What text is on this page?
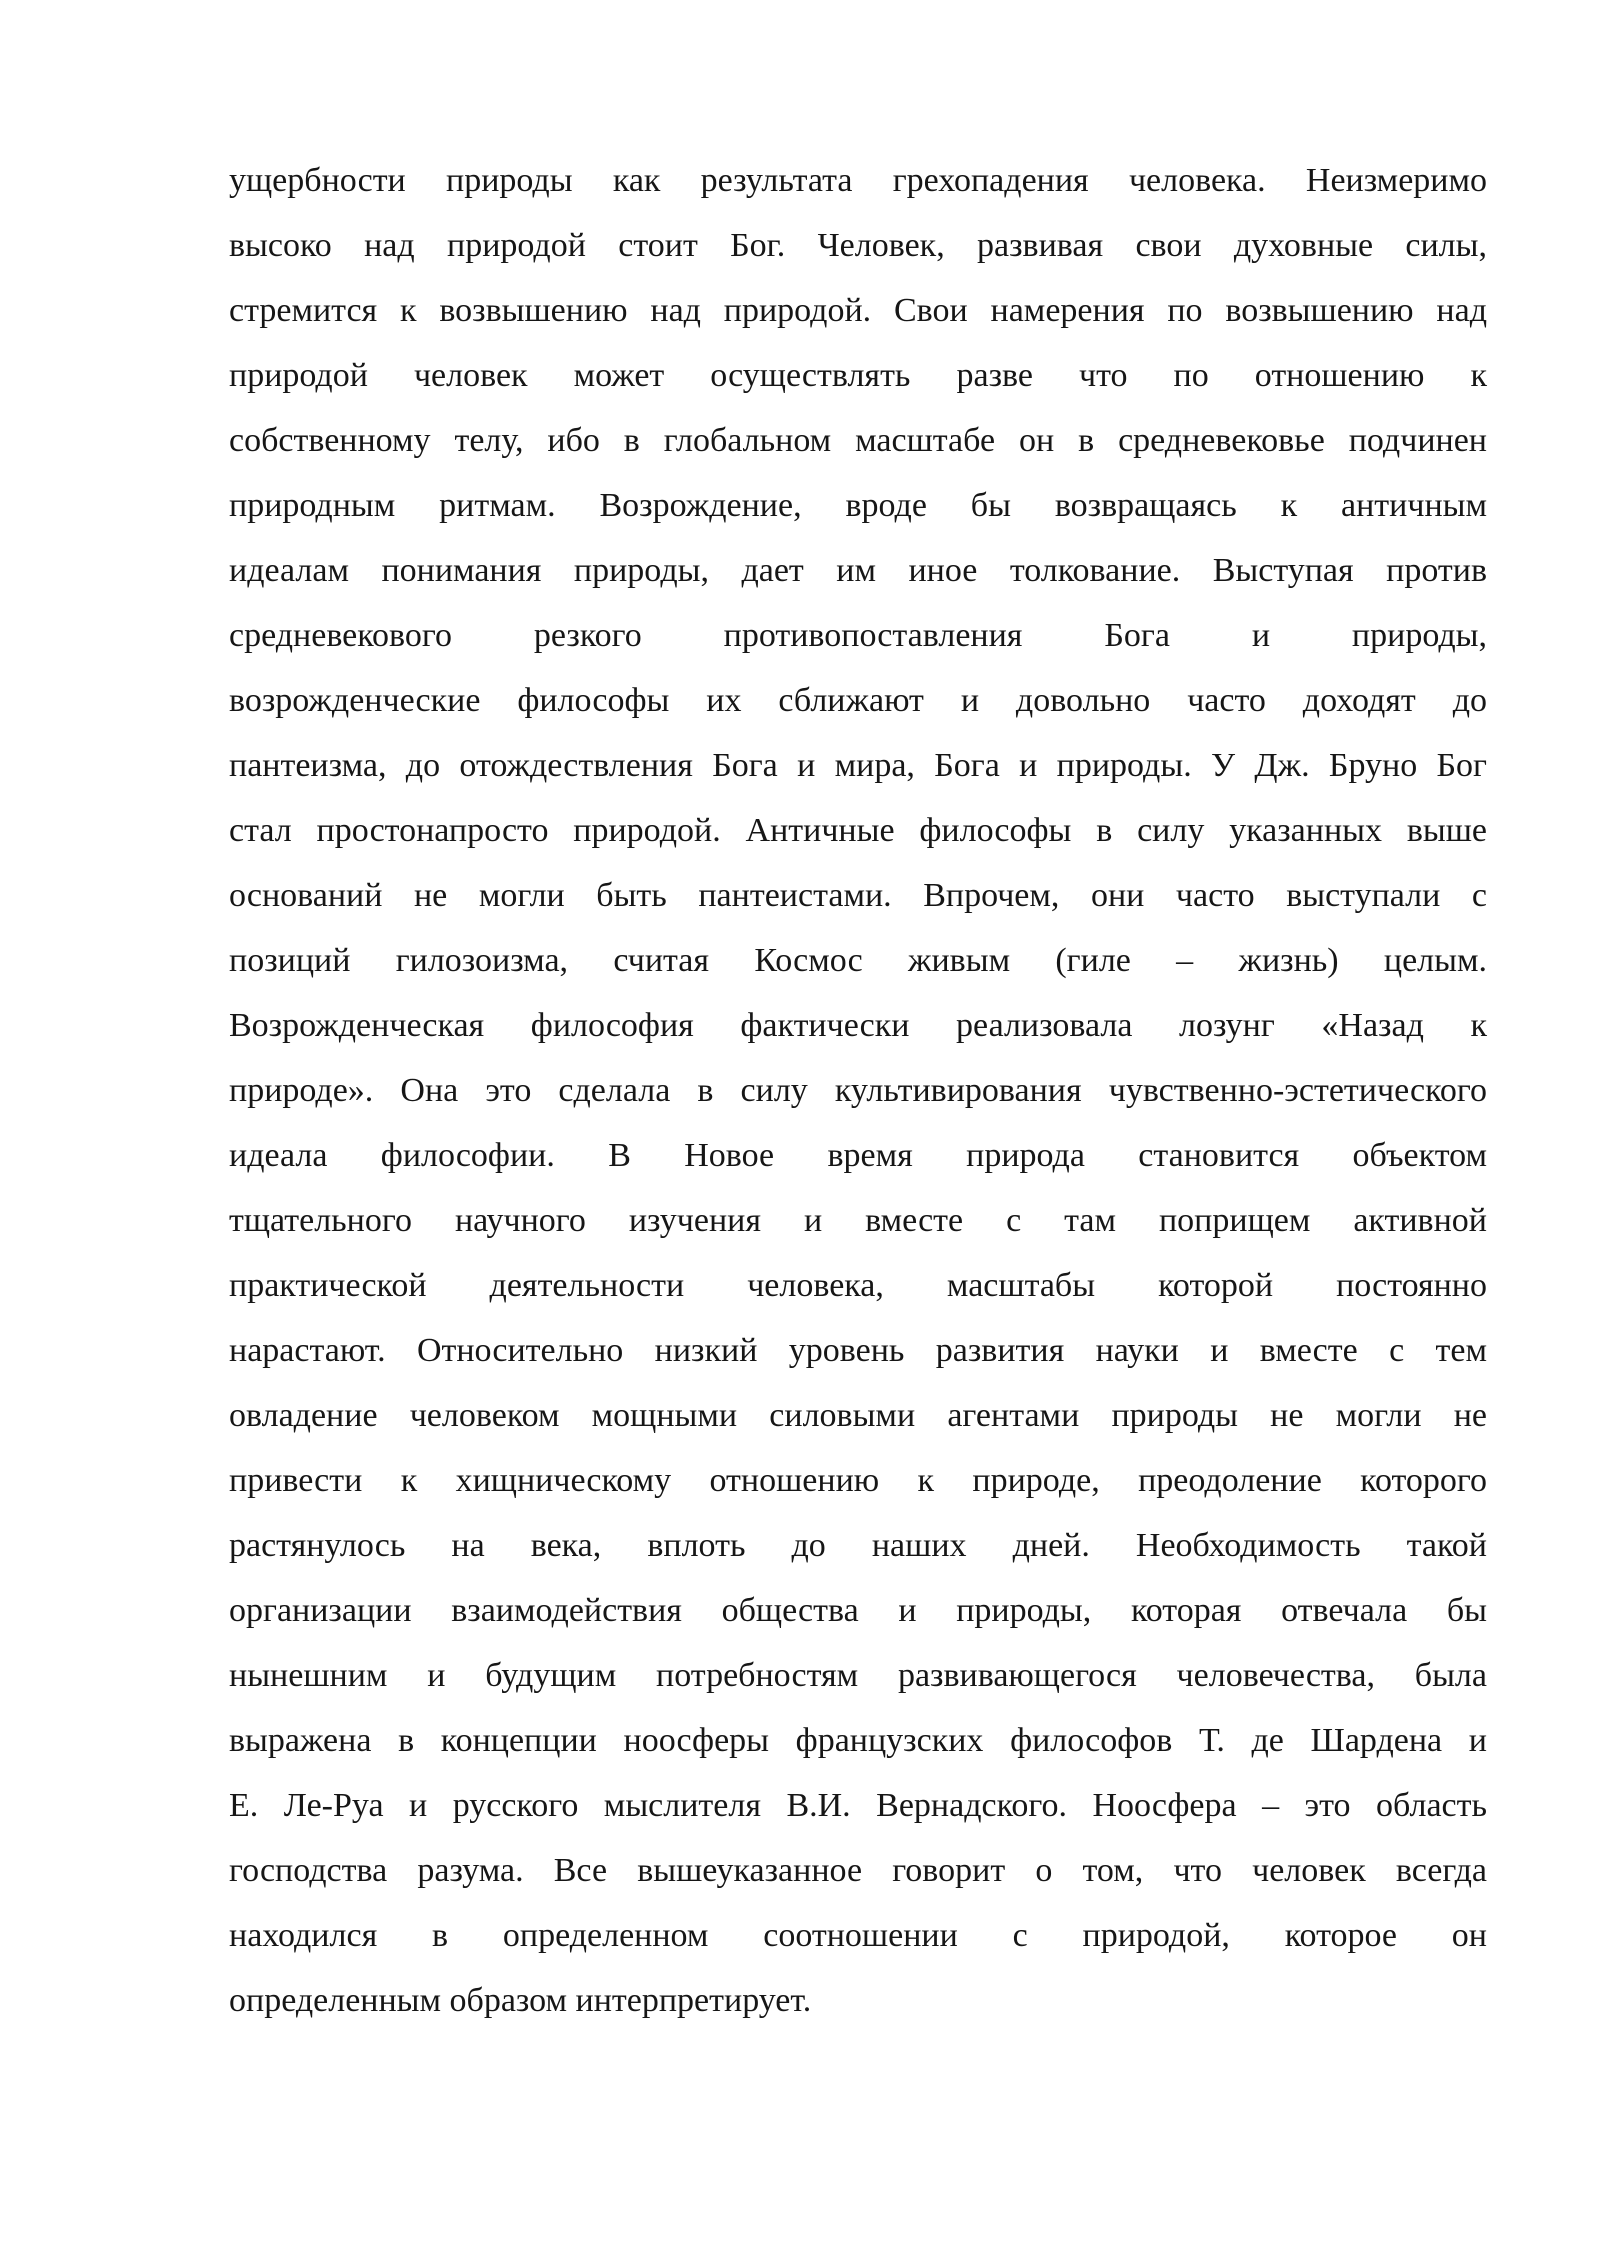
ущербности природы как результата грехопадения человека. Неизмеримо
высоко над природой стоит Бог. Человек, развивая свои духовные силы,
стремится к возвышению над природой. Свои намерения по возвышению над
природой человек может осуществлять разве что по отношению к
собственному телу, ибо в глобальном масштабе он в средневековье подчинен
природным ритмам. Возрождение, вроде бы возвращаясь к античным
идеалам понимания природы, дает им иное толкование. Выступая против
средневекового резкого противопоставления Бога и природы,
возрожденческие философы их сближают и довольно часто доходят до
пантеизма, до отождествления Бога и мира, Бога и природы. У Дж. Бруно Бог
стал простонапросто природой. Античные философы в силу указанных выше
оснований не могли быть пантеистами. Впрочем, они часто выступали с
позиций гилозоизма, считая Космос живым (гиле – жизнь) целым.
Возрожденческая философия фактически реализовала лозунг «Назад к
природе». Она это сделала в силу культивирования чувственно-эстетического
идеала философии. В Новое время природа становится объектом
тщательного научного изучения и вместе с там поприщем активной
практической деятельности человека, масштабы которой постоянно
нарастают. Относительно низкий уровень развития науки и вместе с тем
овладение человеком мощными силовыми агентами природы не могли не
привести к хищническому отношению к природе, преодоление которого
растянулось на века, вплоть до наших дней. Необходимость такой
организации взаимодействия общества и природы, которая отвечала бы
нынешним и будущим потребностям развивающегося человечества, была
выражена в концепции ноосферы французских философов Т. де Шардена и
Е. Ле-Руа и русского мыслителя В.И. Вернадского. Ноосфера – это область
господства разума. Все вышеуказанное говорит о том, что человек всегда
находился в определенном соотношении с природой, которое он
определенным образом интерпретирует.
